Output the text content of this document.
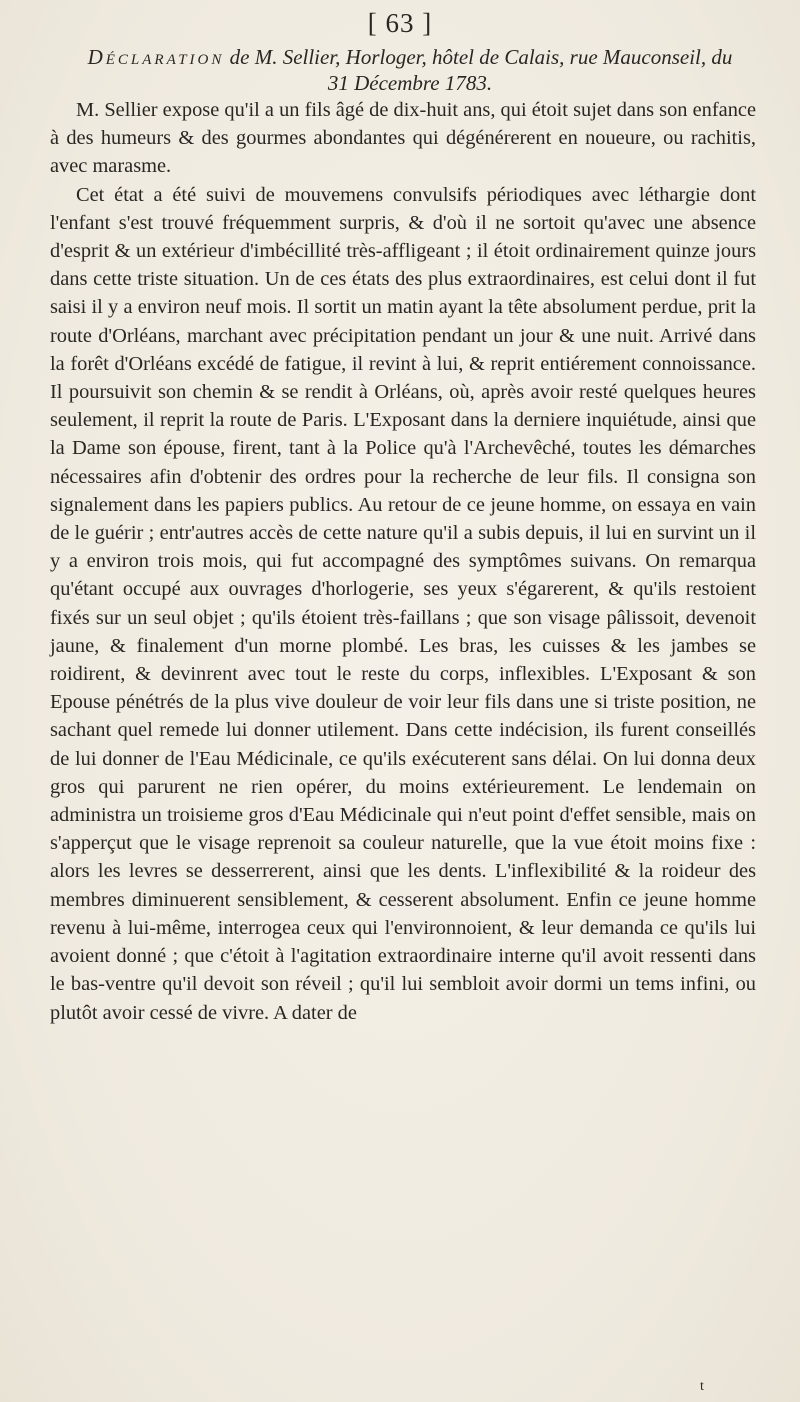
[ 63 ]
Déclaration de M. Sellier, Horloger, hôtel de Calais, rue Mauconseil, du 31 Décembre 1783.

M. Sellier expose qu'il a un fils âgé de dix-huit ans, qui étoit sujet dans son enfance à des humeurs & des gourmes abondantes qui dégénérerent en noueure, ou rachitis, avec marasme.

Cet état a été suivi de mouvemens convulsifs périodiques avec léthargie dont l'enfant s'est trouvé fréquemment surpris, & d'où il ne sortoit qu'avec une absence d'esprit & un extérieur d'imbécillité très-affligeant ; il étoit ordinairement quinze jours dans cette triste situation. Un de ces états des plus extraordinaires, est celui dont il fut saisi il y a environ neuf mois. Il sortit un matin ayant la tête absolument perdue, prit la route d'Orléans, marchant avec précipitation pendant un jour & une nuit. Arrivé dans la forêt d'Orléans excédé de fatigue, il revint à lui, & reprit entiérement connoissance. Il poursuivit son chemin & se rendit à Orléans, où, après avoir resté quelques heures seulement, il reprit la route de Paris. L'Exposant dans la derniere inquiétude, ainsi que la Dame son épouse, firent, tant à la Police qu'à l'Archevêché, toutes les démarches nécessaires afin d'obtenir des ordres pour la recherche de leur fils. Il consigna son signalement dans les papiers publics. Au retour de ce jeune homme, on essaya en vain de le guérir ; entr'autres accès de cette nature qu'il a subis depuis, il lui en survint un il y a environ trois mois, qui fut accompagné des symptômes suivans. On remarqua qu'étant occupé aux ouvrages d'horlogerie, ses yeux s'égarerent, & qu'ils restoient fixés sur un seul objet ; qu'ils étoient très-faillans ; que son visage pâlissoit, devenoit jaune, & finalement d'un morne plombé. Les bras, les cuisses & les jambes se roidirent, & devinrent avec tout le reste du corps, inflexibles. L'Exposant & son Epouse pénétrés de la plus vive douleur de voir leur fils dans une si triste position, ne sachant quel remede lui donner utilement. Dans cette indécision, ils furent conseillés de lui donner de l'Eau Médicinale, ce qu'ils exécuterent sans délai. On lui donna deux gros qui parurent ne rien opérer, du moins extérieurement. Le lendemain on administra un troisieme gros d'Eau Médicinale qui n'eut point d'effet sensible, mais on s'apperçut que le visage reprenoit sa couleur naturelle, que la vue étoit moins fixe : alors les levres se desserrerent, ainsi que les dents. L'inflexibilité & la roideur des membres diminuerent sensiblement, & cesserent absolument. Enfin ce jeune homme revenu à lui-même, interrogea ceux qui l'environnoient, & leur demanda ce qu'ils lui avoient donné ; que c'étoit à l'agitation extraordinaire interne qu'il avoit ressenti dans le bas-ventre qu'il devoit son réveil ; qu'il lui sembloit avoir dormi un tems infini, ou plutôt avoir cessé de vivre. A dater de

t
